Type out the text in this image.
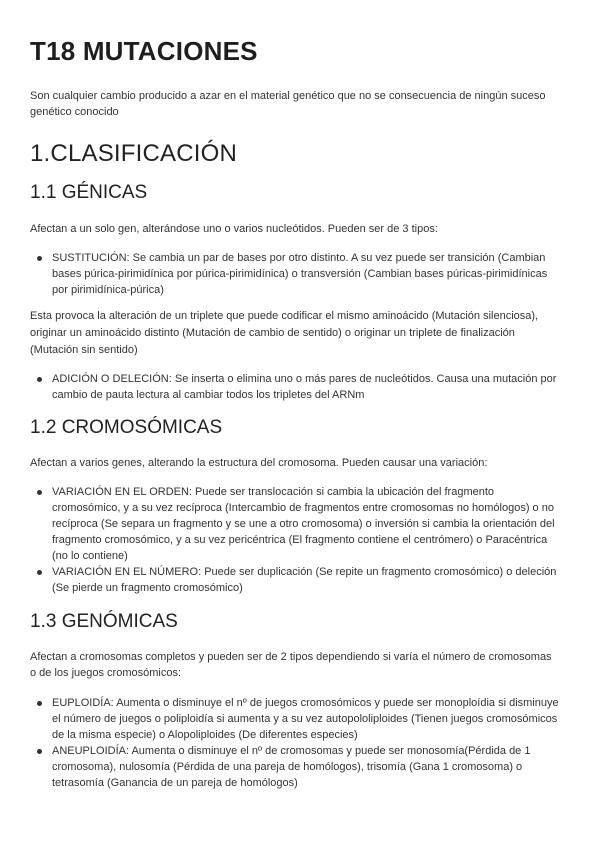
T18 MUTACIONES

Son cualquier cambio producido a azar en el material genético que no se consecuencia de ningún suceso genético conocido

1.CLASIFICACIÓN
1.1 GÉNICAS

Afectan a un solo gen, alterándose uno o varios nucleótidos. Pueden ser de 3 tipos:

SUSTITUCIÓN: Se cambia un par de bases por otro distinto. A su vez puede ser transición (Cambian bases púrica-pirimidínica por púrica-pirimidínica) o transversión (Cambian bases púricas-pirimidínicas por pirimidínica-púrica)

Esta provoca la alteración de un triplete que puede codificar el mismo aminoácido (Mutación silenciosa), originar un aminoácido distinto (Mutación de cambio de sentido) o originar un triplete de finalización (Mutación sin sentido)

ADICIÓN O DELECIÓN: Se inserta o elimina uno o más pares de nucleótidos. Causa una mutación por cambio de pauta lectura al cambiar todos los tripletes del ARNm
1.2 CROMOSÓMICAS

Afectan a varios genes, alterando la estructura del cromosoma. Pueden causar una variación:

VARIACIÓN EN EL ORDEN: Puede ser translocación si cambia la ubicación del fragmento cromosómico, y a su vez recíproca (Intercambio de fragmentos entre cromosomas no homólogos) o no recíproca (Se separa un fragmento y se une a otro cromosoma) o inversión si cambia la orientación del fragmento cromosómico, y a su vez pericéntrica (El fragmento contiene el centrómero) o Paracéntrica (no lo contiene)
VARIACIÓN EN EL NÚMERO: Puede ser duplicación (Se repite un fragmento cromosómico) o deleción (Se pierde un fragmento cromosómico)
1.3 GENÓMICAS

Afectan a cromosomas completos y pueden ser de 2 tipos dependiendo si varía el número de cromosomas o de los juegos cromosómicos:

EUPLOIDÍA: Aumenta o disminuye el nº de juegos cromosómicos y puede ser monoploídia si disminuye el número de juegos o poliploidía si aumenta y a su vez autopololiploides (Tienen juegos cromosómicos de la misma especie) o Alopoliploides (De diferentes especies)
ANEUPLOIDÍA: Aumenta o disminuye el nº de cromosomas y puede ser monosomía(Pérdida de 1 cromosoma), nulosomía (Pérdida de una pareja de homólogos), trisomía (Gana 1 cromosoma) o tetrasomía (Ganancia de un pareja de homólogos)
